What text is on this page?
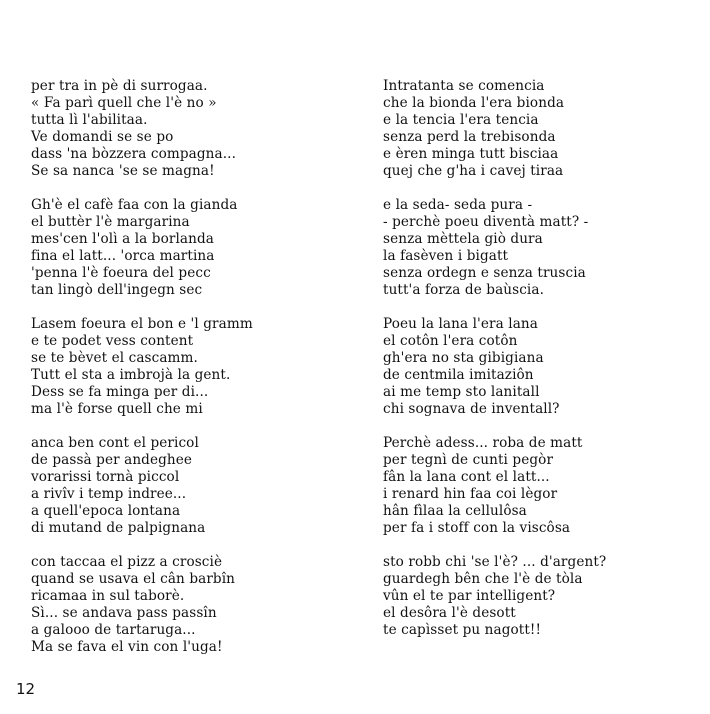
per tra in pè di surrogaa.
« Fa parì quell che l'è no »
tutta lì l'abilitaa.
Ve domandi se se po
dass 'na bòzzera compagna...
Se sa nanca 'se se magna!
Gh'è el cafè faa con la gianda
el buttèr l'è margarina
mes'cen l'olì a la borlanda
fina el latt... 'orca martina
'penna l'è foeura del pecc
tan lingò dell'ingegn sec
Lasem foeura el bon e 'l gramm
e te podet vess content
se te bèvet el cascamm.
Tutt el sta a imbrojà la gent.
Dess se fa minga per di...
ma l'è forse quell che mi
anca ben cont el pericol
de passà per andeghee
vorarissi tornà piccol
a rivîv i temp indree...
a quell'epoca lontana
di mutand de palpignana
con taccaa el pizz a crosciè
quand se usava el cân barbîn
ricamaa in sul taborè.
Sì... se andava pass passîn
a galooo de tartaruga...
Ma se fava el vin con l'uga!
Intratanta se comencia
che la bionda l'era bionda
e la tencia l'era tencia
senza perd la trebisonda
e èren minga tutt bisciaa
quej che g'ha i cavej tiraa
e la seda- seda pura -
- perchè poeu diventà matt? -
senza mèttela giò dura
la fasèven i bigatt
senza ordegn e senza truscia
tutt'a forza de baùscia.
Poeu la lana l'era lana
el cotôn l'era cotôn
gh'era no sta gibigiana
de centmila imitaziôn
ai me temp sto lanitall
chi sognava de inventall?
Perchè adess... roba de matt
per tegnì de cunti pegòr
fân la lana cont el latt...
i renard hin faa coi lègor
hân fìlaa la cellulôsa
per fa i stoff con la viscôsa
sto robb chi 'se l'è? ... d'argent?
guardegh bên che l'è de tòla
vûn el te par intelligent?
el desôra l'è desott
te capìsset pu nagott!!
12
